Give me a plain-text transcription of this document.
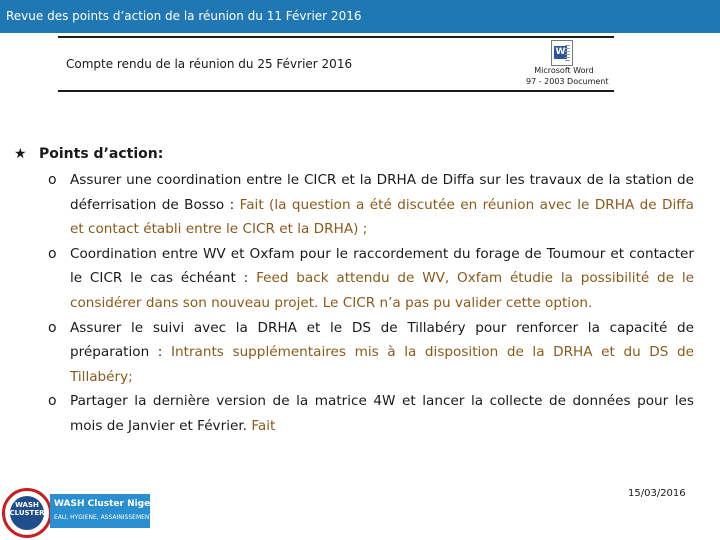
Revue des points d’action de la réunion du 11 Février 2016
Compte rendu de la réunion du 25 Février 2016
W
Microsoft Word
97 - 2003 Document
★ Points d’action:
o Assurer une coordination entre le CICR et la DRHA de Diffa sur les travaux de la station de déferrisation de Bosso : Fait (la question a été discutée en réunion avec le DRHA de Diffa et contact établi entre le CICR et la DRHA) ;
o Coordination entre WV et Oxfam pour le raccordement du forage de Toumour et contacter le CICR le cas échéant : Feed back attendu de WV, Oxfam étudie la possibilité de le considérer dans son nouveau projet. Le CICR n’a pas pu valider cette option.
o Assurer le suivi avec la DRHA et le DS de Tillabéry pour renforcer la capacité de préparation : Intrants supplémentaires mis à la disposition de la DRHA et du DS de Tillabéry;
o Partager la dernière version de la matrice 4W et lancer la collecte de données pour les mois de Janvier et Février. Fait
WASH CLUSTER
WASH Cluster Niger
EAU, HYGIENE, ASSAINISSEMENT
15/03/2016
